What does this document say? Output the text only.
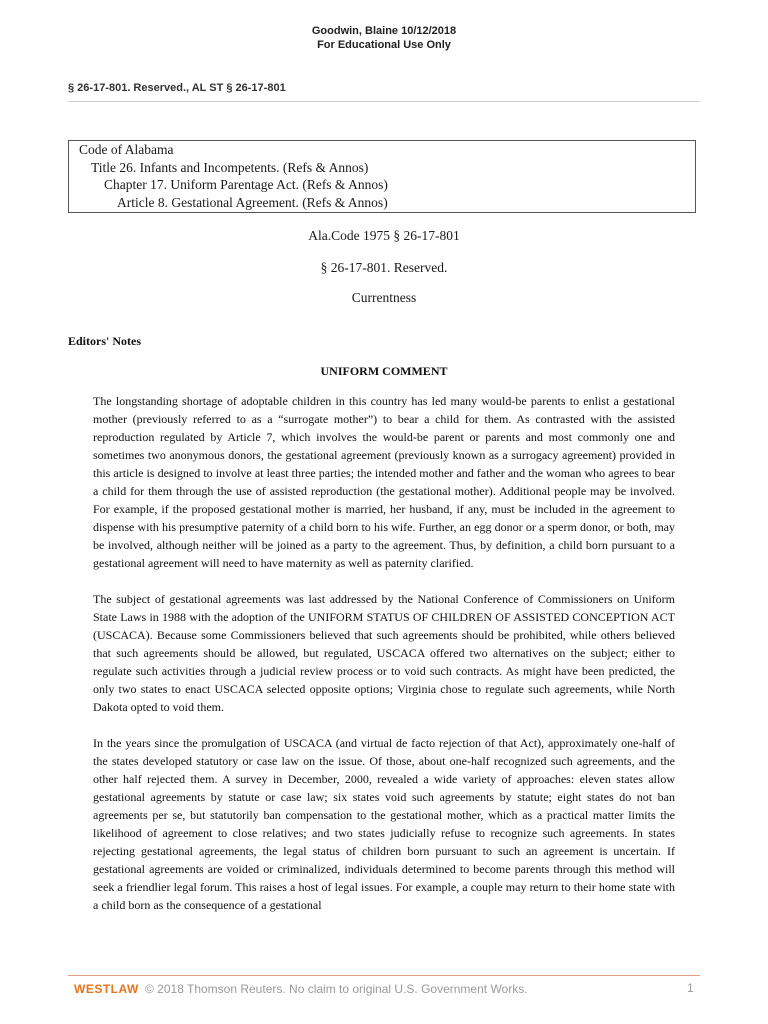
Goodwin, Blaine 10/12/2018
For Educational Use Only
§ 26-17-801. Reserved., AL ST § 26-17-801
Code of Alabama
Title 26. Infants and Incompetents. (Refs & Annos)
Chapter 17. Uniform Parentage Act. (Refs & Annos)
Article 8. Gestational Agreement. (Refs & Annos)
Ala.Code 1975 § 26-17-801
§ 26-17-801. Reserved.
Currentness
Editors' Notes
UNIFORM COMMENT

The longstanding shortage of adoptable children in this country has led many would-be parents to enlist a gestational mother (previously referred to as a “surrogate mother”) to bear a child for them. As contrasted with the assisted reproduction regulated by Article 7, which involves the would-be parent or parents and most commonly one and sometimes two anonymous donors, the gestational agreement (previously known as a surrogacy agreement) provided in this article is designed to involve at least three parties; the intended mother and father and the woman who agrees to bear a child for them through the use of assisted reproduction (the gestational mother). Additional people may be involved. For example, if the proposed gestational mother is married, her husband, if any, must be included in the agreement to dispense with his presumptive paternity of a child born to his wife. Further, an egg donor or a sperm donor, or both, may be involved, although neither will be joined as a party to the agreement. Thus, by definition, a child born pursuant to a gestational agreement will need to have maternity as well as paternity clarified.

The subject of gestational agreements was last addressed by the National Conference of Commissioners on Uniform State Laws in 1988 with the adoption of the UNIFORM STATUS OF CHILDREN OF ASSISTED CONCEPTION ACT (USCACA). Because some Commissioners believed that such agreements should be prohibited, while others believed that such agreements should be allowed, but regulated, USCACA offered two alternatives on the subject; either to regulate such activities through a judicial review process or to void such contracts. As might have been predicted, the only two states to enact USCACA selected opposite options; Virginia chose to regulate such agreements, while North Dakota opted to void them.

In the years since the promulgation of USCACA (and virtual de facto rejection of that Act), approximately one-half of the states developed statutory or case law on the issue. Of those, about one-half recognized such agreements, and the other half rejected them. A survey in December, 2000, revealed a wide variety of approaches: eleven states allow gestational agreements by statute or case law; six states void such agreements by statute; eight states do not ban agreements per se, but statutorily ban compensation to the gestational mother, which as a practical matter limits the likelihood of agreement to close relatives; and two states judicially refuse to recognize such agreements. In states rejecting gestational agreements, the legal status of children born pursuant to such an agreement is uncertain. If gestational agreements are voided or criminalized, individuals determined to become parents through this method will seek a friendlier legal forum. This raises a host of legal issues. For example, a couple may return to their home state with a child born as the consequence of a gestational

WESTLAW © 2018 Thomson Reuters. No claim to original U.S. Government Works.	1
